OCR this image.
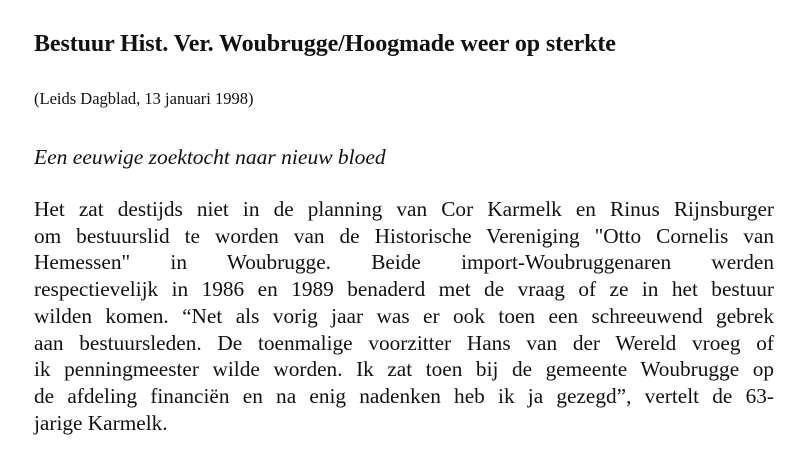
Bestuur Hist. Ver. Woubrugge/Hoogmade weer op sterkte

(Leids Dagblad, 13 januari 1998)

Een eeuwige zoektocht naar nieuw bloed

Het zat destijds niet in de planning van Cor Karmelk en Rinus Rijnsburger
om bestuurslid te worden van de Historische Vereniging "Otto Cornelis van
Hemessen" in Woubrugge. Beide import-Woubruggenaren werden
respectievelijk in 1986 en 1989 benaderd met de vraag of ze in het bestuur
wilden komen. “Net als vorig jaar was er ook toen een schreeuwend gebrek
aan bestuursleden. De toenmalige voorzitter Hans van der Wereld vroeg of
ik penningmeester wilde worden. Ik zat toen bij de gemeente Woubrugge op
de afdeling financiën en na enig nadenken heb ik ja gezegd”, vertelt de 63-
jarige Karmelk.
